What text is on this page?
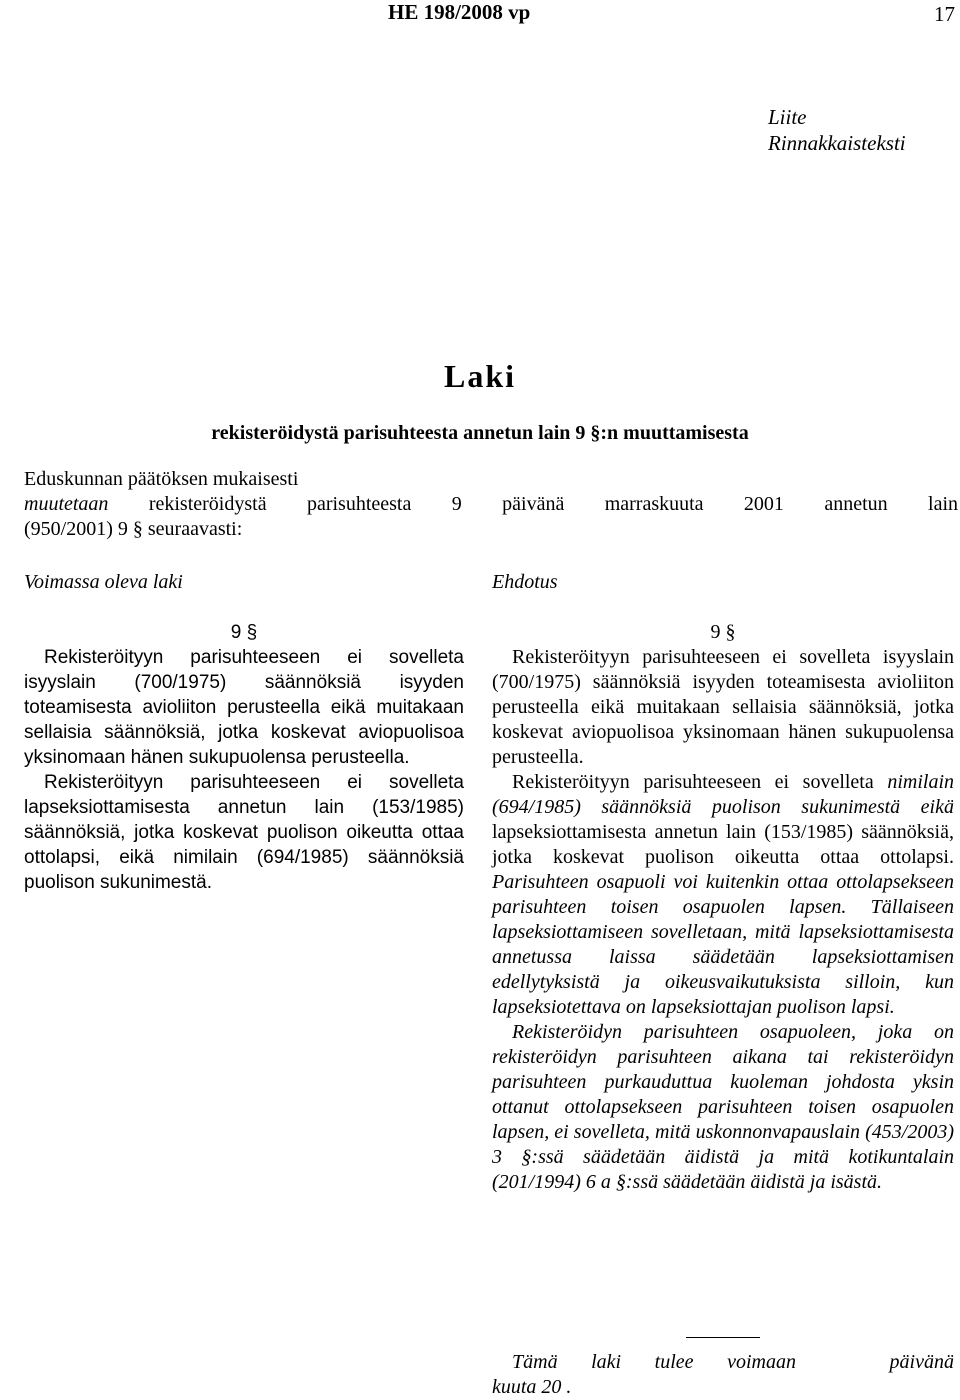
HE 198/2008 vp	17
Liite
Rinnakkaisteksti
Laki
rekisteröidystä parisuhteesta annetun lain 9 §:n muuttamisesta
Eduskunnan päätöksen mukaisesti
muutetaan rekisteröidystä parisuhteesta 9 päivänä marraskuuta 2001 annetun lain
(950/2001) 9 § seuraavasti:
Voimassa oleva laki	Ehdotus
9 §
Rekisteröityyn parisuhteeseen ei sovelleta isyyslain (700/1975) säännöksiä isyyden toteamisesta avioliiton perusteella eikä muitakaan sellaisia säännöksiä, jotka koskevat aviopuolisoa yksinomaan hänen sukupuolensa perusteella.
Rekisteröityyn parisuhteeseen ei sovelleta lapseksiottamisesta annetun lain (153/1985) säännöksiä, jotka koskevat puolison oikeutta ottaa ottolapsi, eikä nimilain (694/1985) säännöksiä puolison sukunimestä.
9 §
Rekisteröityyn parisuhteeseen ei sovelleta isyyslain (700/1975) säännöksiä isyyden toteamisesta avioliiton perusteella eikä muitakaan sellaisia säännöksiä, jotka koskevat aviopuolisoa yksinomaan hänen sukupuolensa perusteella.
Rekisteröityyn parisuhteeseen ei sovelleta nimilain (694/1985) säännöksiä puolison sukunimestä eikä lapseksiottamisesta annetun lain (153/1985) säännöksiä, jotka koskevat puolison oikeutta ottaa ottolapsi. Parisuhteen osapuoli voi kuitenkin ottaa ottolapsekseen parisuhteen toisen osapuolen lapsen. Tällaiseen lapseksiottamiseen sovelletaan, mitä lapseksiottamisesta annetussa laissa säädetään lapseksiottamisen edellytyksistä ja oikeusvaikutuksista silloin, kun lapseksiotettava on lapseksiottajan puolison lapsi.
Rekisteröidyn parisuhteen osapuoleen, joka on rekisteröidyn parisuhteen aikana tai rekisteröidyn parisuhteen purkauduttua kuoleman johdosta yksin ottanut ottolapsekseen parisuhteen toisen osapuolen lapsen, ei sovelleta, mitä uskonnonvapauslain (453/2003) 3 §:ssä säädetään äidistä ja mitä kotikuntalain (201/1994) 6 a §:ssä säädetään äidistä ja isästä.
Tämä laki tulee voimaan	päivänä
kuuta 20 .
